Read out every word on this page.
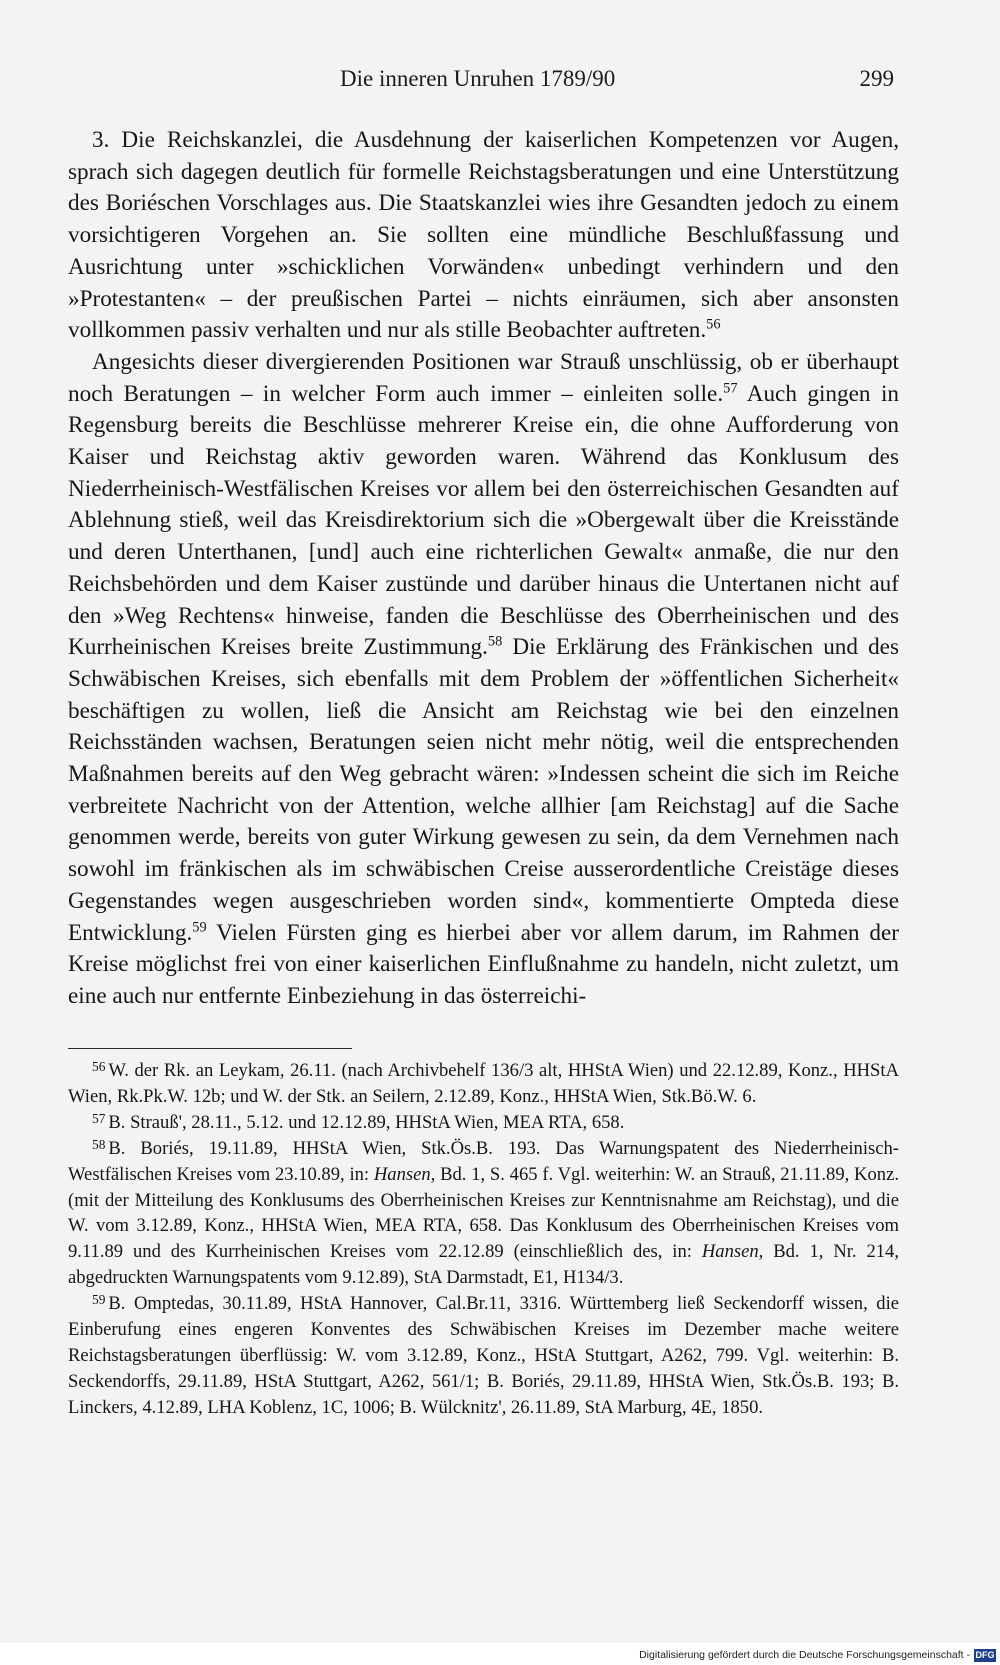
Die inneren Unruhen 1789/90	299

3. Die Reichskanzlei, die Ausdehnung der kaiserlichen Kompetenzen vor Augen, sprach sich dagegen deutlich für formelle Reichstagsberatungen und eine Unterstützung des Boriéschen Vorschlages aus. Die Staatskanzlei wies ihre Gesandten jedoch zu einem vorsichtigeren Vorgehen an. Sie sollten eine mündliche Beschlußfassung und Ausrichtung unter »schicklichen Vorwänden« unbedingt verhindern und den »Protestanten« – der preußischen Partei – nichts einräumen, sich aber ansonsten vollkommen passiv verhalten und nur als stille Beobachter auftreten.$^{56}$

Angesichts dieser divergierenden Positionen war Strauß unschlüssig, ob er überhaupt noch Beratungen – in welcher Form auch immer – einleiten solle.$^{57}$ Auch gingen in Regensburg bereits die Beschlüsse mehrerer Kreise ein, die ohne Aufforderung von Kaiser und Reichstag aktiv geworden waren. Während das Konklusum des Niederrheinisch-Westfälischen Kreises vor allem bei den österreichischen Gesandten auf Ablehnung stieß, weil das Kreisdirektorium sich die »Obergewalt über die Kreisstände und deren Unterthanen, [und] auch eine richterlichen Gewalt« anmaße, die nur den Reichsbehörden und dem Kaiser zustünde und darüber hinaus die Untertanen nicht auf den »Weg Rechtens« hinweise, fanden die Beschlüsse des Oberrheinischen und des Kurrheinischen Kreises breite Zustimmung.$^{58}$ Die Erklärung des Fränkischen und des Schwäbischen Kreises, sich ebenfalls mit dem Problem der »öffentlichen Sicherheit« beschäftigen zu wollen, ließ die Ansicht am Reichstag wie bei den einzelnen Reichsständen wachsen, Beratungen seien nicht mehr nötig, weil die entsprechenden Maßnahmen bereits auf den Weg gebracht wären: »Indessen scheint die sich im Reiche verbreitete Nachricht von der Attention, welche allhier [am Reichstag] auf die Sache genommen werde, bereits von guter Wirkung gewesen zu sein, da dem Vernehmen nach sowohl im fränkischen als im schwäbischen Creise ausserordentliche Creistäge dieses Gegenstandes wegen ausgeschrieben worden sind«, kommentierte Ompteda diese Entwicklung.$^{59}$ Vielen Fürsten ging es hierbei aber vor allem darum, im Rahmen der Kreise möglichst frei von einer kaiserlichen Einflußnahme zu handeln, nicht zuletzt, um eine auch nur entfernte Einbeziehung in das österreichi-

$^{56}$ W. der Rk. an Leykam, 26.11. (nach Archivbehelf 136/3 alt, HHStA Wien) und 22.12.89, Konz., HHStA Wien, Rk.Pk.W. 12b; und W. der Stk. an Seilern, 2.12.89, Konz., HHStA Wien, Stk.Bö.W. 6.

$^{57}$ B. Strauß', 28.11., 5.12. und 12.12.89, HHStA Wien, MEA RTA, 658.

$^{58}$ B. Boriés, 19.11.89, HHStA Wien, Stk.Ös.B. 193. Das Warnungspatent des Niederrheinisch-Westfälischen Kreises vom 23.10.89, in: Hansen, Bd. 1, S. 465 f. Vgl. weiterhin: W. an Strauß, 21.11.89, Konz. (mit der Mitteilung des Konklusums des Oberrheinischen Kreises zur Kenntnisnahme am Reichstag), und die W. vom 3.12.89, Konz., HHStA Wien, MEA RTA, 658. Das Konklusum des Oberrheinischen Kreises vom 9.11.89 und des Kurrheinischen Kreises vom 22.12.89 (einschließlich des, in: Hansen, Bd. 1, Nr. 214, abgedruckten Warnungspatents vom 9.12.89), StA Darmstadt, E1, H134/3.

$^{59}$ B. Omptedas, 30.11.89, HStA Hannover, Cal.Br.11, 3316. Württemberg ließ Seckendorff wissen, die Einberufung eines engeren Konventes des Schwäbischen Kreises im Dezember mache weitere Reichstagsberatungen überflüssig: W. vom 3.12.89, Konz., HStA Stuttgart, A262, 799. Vgl. weiterhin: B. Seckendorffs, 29.11.89, HStA Stuttgart, A262, 561/1; B. Boriés, 29.11.89, HHStA Wien, Stk.Ös.B. 193; B. Linckers, 4.12.89, LHA Koblenz, 1C, 1006; B. Wülcknitz', 26.11.89, StA Marburg, 4E, 1850.

Digitalisierung gefördert durch die Deutsche Forschungsgemeinschaft - DFG
